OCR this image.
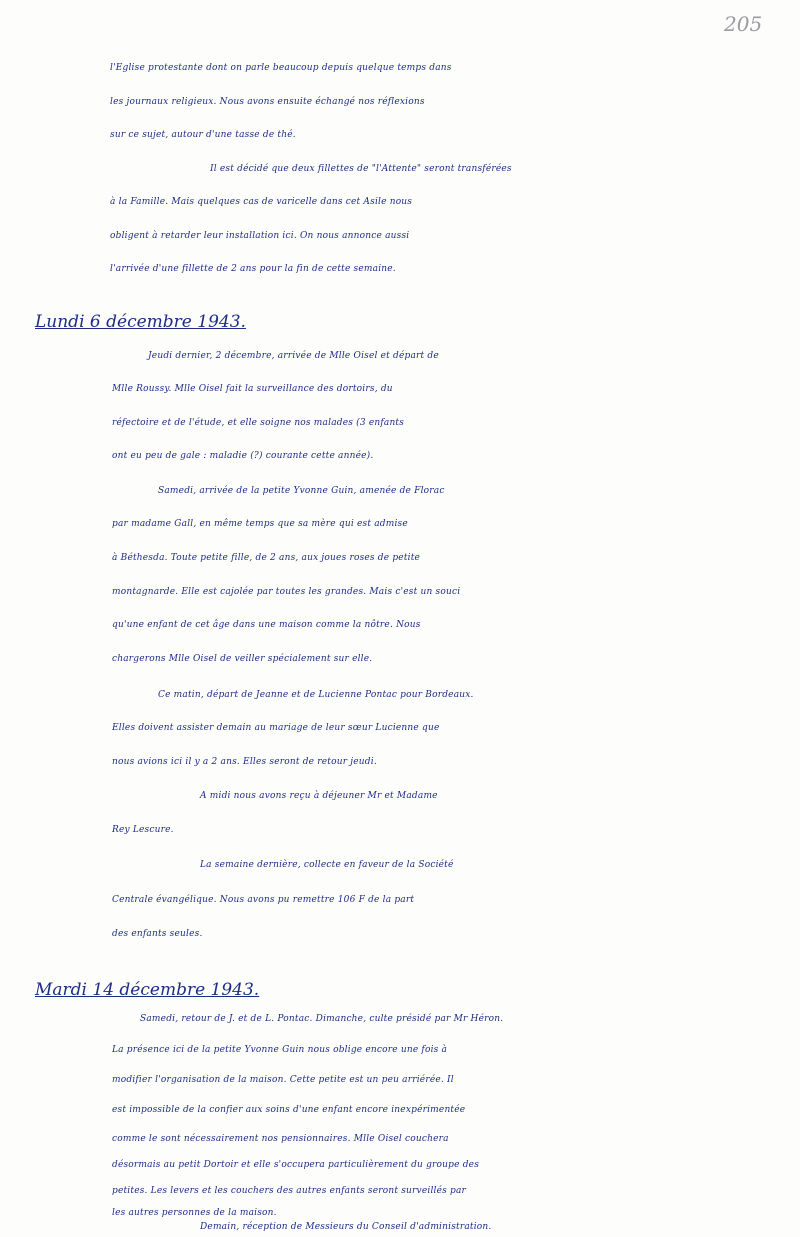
205
l'Eglise protestante dont on parle beaucoup depuis quelque temps dans
les journaux religieux. Nous avons ensuite échangé nos réflexions
sur ce sujet, autour d'une tasse de thé.
Il est décidé que deux fillettes de "l'Attente" seront transférées
à la Famille. Mais quelques cas de varicelle dans cet Asile nous
obligent à retarder leur installation ici. On nous annonce aussi
l'arrivée d'une fillette de 2 ans pour la fin de cette semaine.
Lundi 6 décembre 1943.
Jeudi dernier, 2 décembre, arrivée de Mlle Oisel et départ de
Mlle Roussy. Mlle Oisel fait la surveillance des dortoirs, du
réfectoire et de l'étude, et elle soigne nos malades (3 enfants
ont eu peu de gale : maladie (?) courante cette année).
Samedi, arrivée de la petite Yvonne Guin, amenée de Florac
par madame Gall, en même temps que sa mère qui est admise
à Béthesda. Toute petite fille, de 2 ans, aux joues roses de petite
montagnarde. Elle est cajolée par toutes les grandes. Mais c'est un souci
qu'une enfant de cet âge dans une maison comme la nôtre. Nous
chargerons Mlle Oisel de veiller spécialement sur elle.
Ce matin, départ de Jeanne et de Lucienne Pontac pour Bordeaux.
Elles doivent assister demain au mariage de leur sœur Lucienne que
nous avions ici il y a 2 ans. Elles seront de retour jeudi.
A midi nous avons reçu à déjeuner Mr et Madame
Rey Lescure.
La semaine dernière, collecte en faveur de la Société
Centrale évangélique. Nous avons pu remettre 106 F de la part
des enfants seules.
Mardi 14 décembre 1943.
Samedi, retour de J. et de L. Pontac. Dimanche, culte présidé par Mr Héron.
La présence ici de la petite Yvonne Guin nous oblige encore une fois à
modifier l'organisation de la maison. Cette petite est un peu arriérée. Il
est impossible de la confier aux soins d'une enfant encore inexpérimentée
comme le sont nécessairement nos pensionnaires. Mlle Oisel couchera
désormais au petit Dortoir et elle s'occupera particulièrement du groupe des
petites. Les levers et les couchers des autres enfants seront surveillés par
les autres personnes de la maison.
Demain, réception de Messieurs du Conseil d'administration.
